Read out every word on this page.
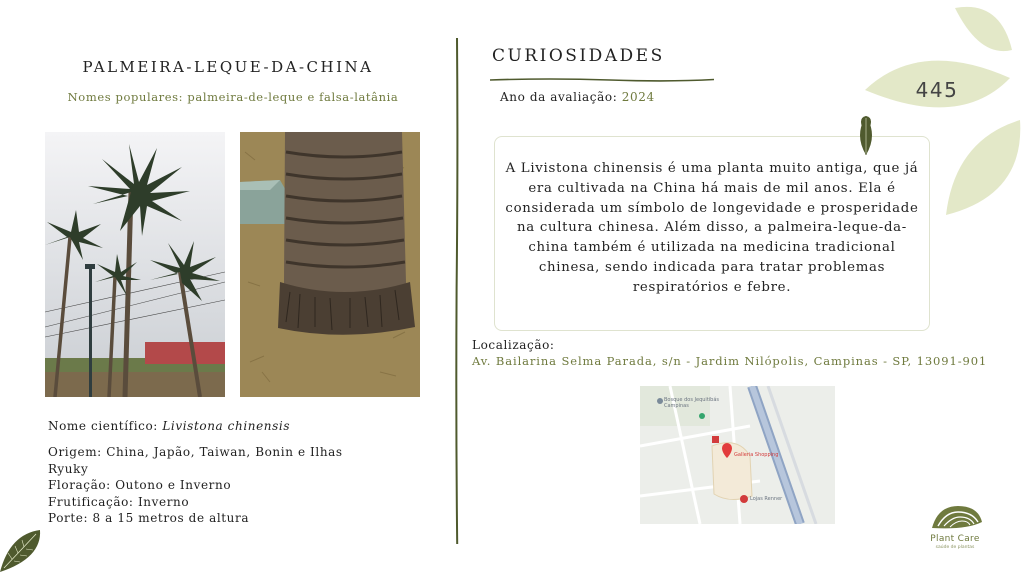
PALMEIRA-LEQUE-DA-CHINA
Nomes populares: palmeira-de-leque e falsa-latânia
Nome científico: Livistona chinensis
Origem: China, Japão, Taiwan, Bonin e Ilhas Ryuky
Floração: Outono e Inverno
Frutificação: Inverno
Porte: 8 a 15 metros de altura
CURIOSIDADES
Ano da avaliação: 2024
A Livistona chinensis é uma planta muito antiga, que já era cultivada na China há mais de mil anos. Ela é considerada um símbolo de longevidade e prosperidade na cultura chinesa. Além disso, a palmeira-leque-da-china também é utilizada na medicina tradicional chinesa, sendo indicada para tratar problemas respiratórios e febre.
Localização:
Av. Bailarina Selma Parada, s/n - Jardim Nilópolis, Campinas - SP, 13091-901
Bosque dos Jequitibás Campinas
Galleria Shopping
Lojas Renner
445
Plant Care
saúde de plantas
